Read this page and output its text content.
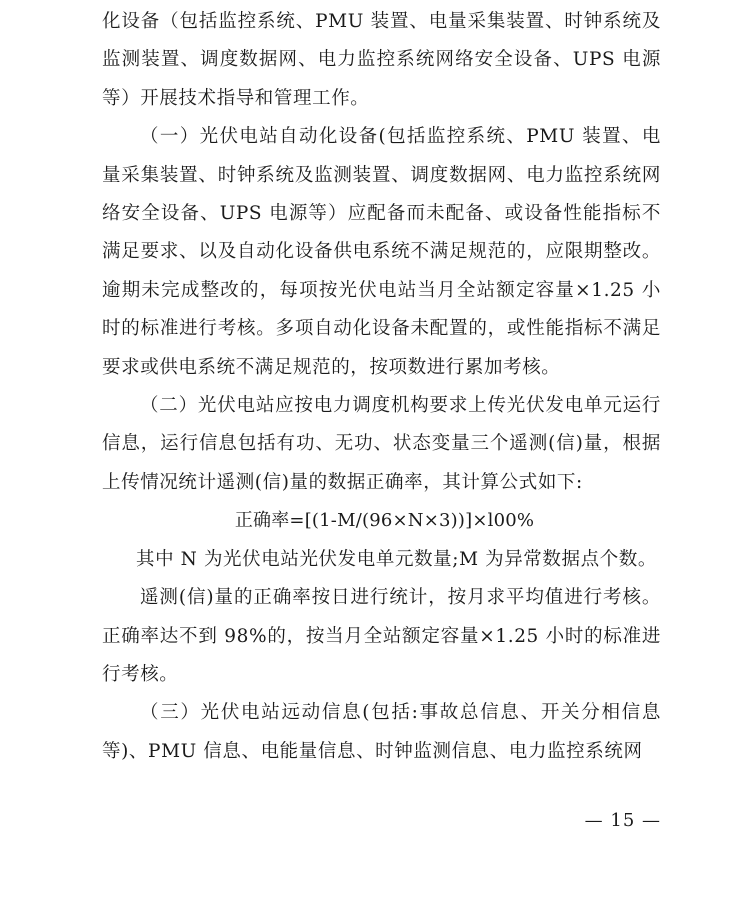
化设备（包括监控系统、PMU 装置、电量采集装置、时钟系统及监测装置、调度数据网、电力监控系统网络安全设备、UPS 电源等）开展技术指导和管理工作。

（一）光伏电站自动化设备(包括监控系统、PMU 装置、电量采集装置、时钟系统及监测装置、调度数据网、电力监控系统网络安全设备、UPS 电源等）应配备而未配备、或设备性能指标不满足要求、以及自动化设备供电系统不满足规范的，应限期整改。逾期未完成整改的，每项按光伏电站当月全站额定容量×1.25 小时的标准进行考核。多项自动化设备未配置的，或性能指标不满足要求或供电系统不满足规范的，按项数进行累加考核。

（二）光伏电站应按电力调度机构要求上传光伏发电单元运行信息，运行信息包括有功、无功、状态变量三个遥测(信)量，根据上传情况统计遥测(信)量的数据正确率，其计算公式如下:

正确率=[(1-M/(96×N×3))]×l00%

其中 N 为光伏电站光伏发电单元数量;M 为异常数据点个数。

遥测(信)量的正确率按日进行统计，按月求平均值进行考核。正确率达不到 98%的，按当月全站额定容量×1.25 小时的标准进行考核。

（三）光伏电站远动信息(包括:事故总信息、开关分相信息等)、PMU 信息、电能量信息、时钟监测信息、电力监控系统网

— 15 —
